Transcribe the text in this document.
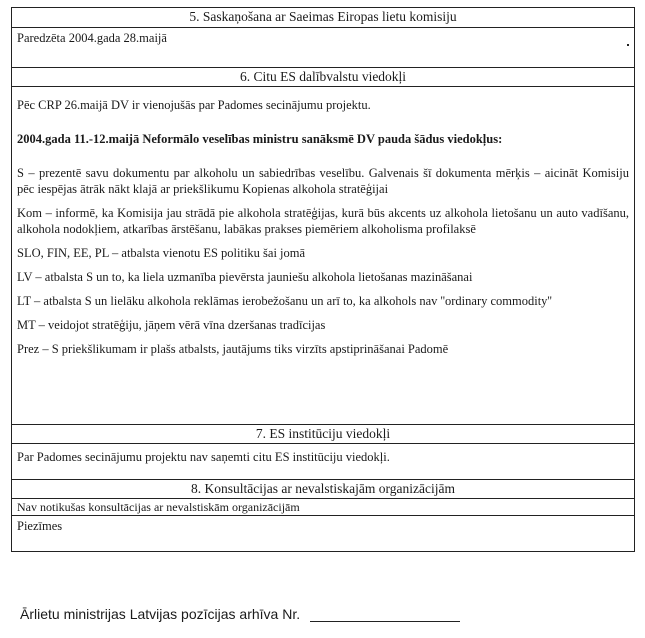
5. Saskaņošana ar Saeimas Eiropas lietu komisiju
Paredzēta 2004.gada 28.maijā
6. Citu ES dalībvalstu viedokļi

Pēc CRP 26.maijā DV ir vienojušās par Padomes secinājumu projektu.

2004.gada 11.-12.maijā Neformālo veselības ministru sanāksmē DV pauda šādus viedokļus:

S – prezentē savu dokumentu par alkoholu un sabiedrības veselību. Galvenais šī dokumenta mērķis – aicināt Komisiju pēc iespējas ātrāk nākt klajā ar priekšlikumu Kopienas alkohola stratēģijai

Kom – informē, ka Komisija jau strādā pie alkohola stratēģijas, kurā būs akcents uz alkohola lietošanu un auto vadīšanu, alkohola nodokļiem, atkarības ārstēšanu, labākas prakses piemēriem alkoholisma profilaksē

SLO, FIN, EE, PL – atbalsta vienotu ES politiku šai jomā

LV – atbalsta S un to, ka liela uzmanība pievērsta jauniešu alkohola lietošanas mazināšanai

LT – atbalsta S un lielāku alkohola reklāmas ierobežošanu un arī to, ka alkohols nav ''ordinary commodity''

MT – veidojot stratēģiju, jāņem vērā vīna dzeršanas tradīcijas

Prez – S priekšlikumam ir plašs atbalsts, jautājums tiks virzīts apstiprināšanai Padomē

7. ES institūciju viedokļi
Par Padomes secinājumu projektu nav saņemti citu ES institūciju viedokļi.
8. Konsultācijas ar nevalstiskajām organizācijām
Nav notikušas konsultācijas ar nevalstiskām organizācijām
Piezīmes
Ārlietu ministrijas Latvijas pozīcijas arhīva Nr.
